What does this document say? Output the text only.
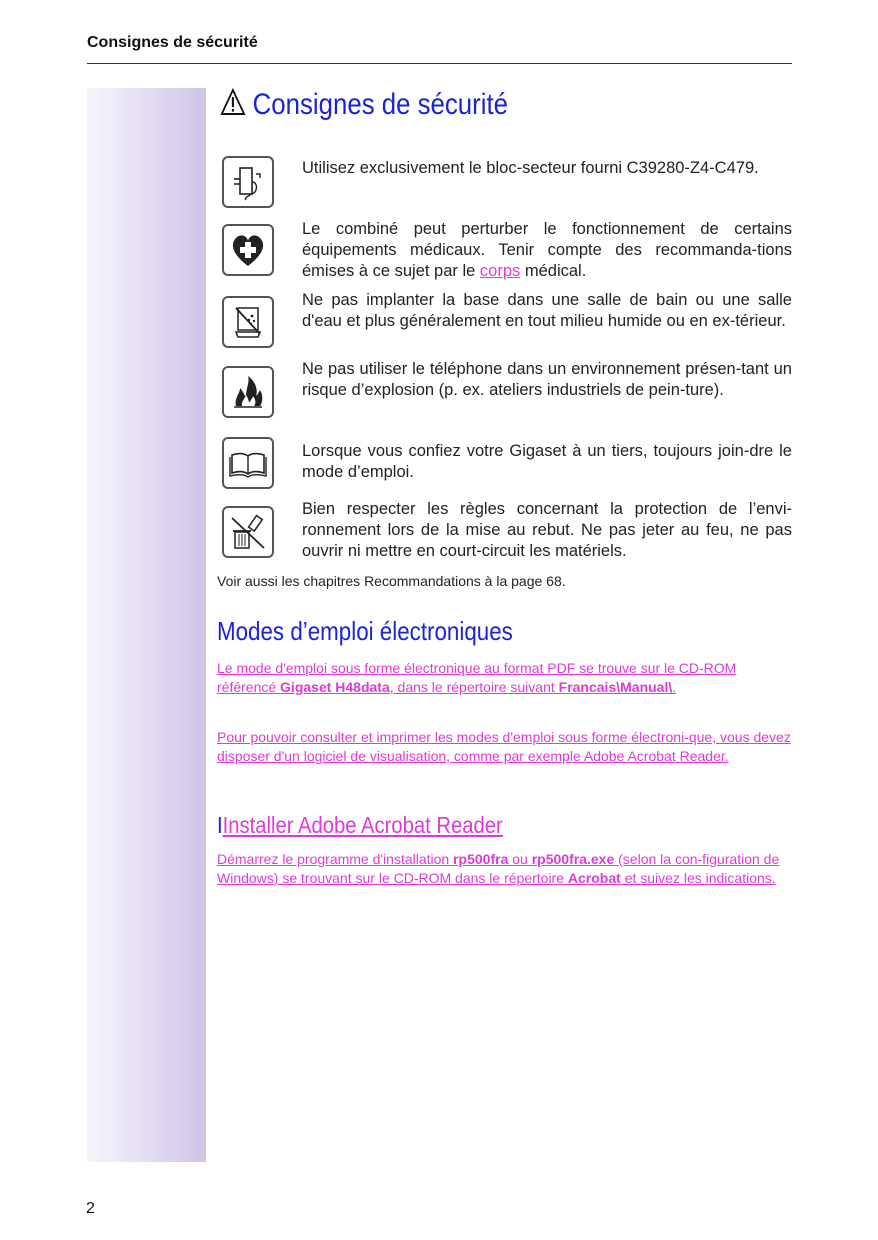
Consignes de sécurité
Consignes de sécurité
Utilisez exclusivement le bloc-secteur fourni C39280-Z4-C479.
Le combiné peut perturber le fonctionnement de certains équipements médicaux. Tenir compte des recommanda-tions émises à ce sujet par le corps médical.
Ne pas implanter la base dans une salle de bain ou une salle d'eau et plus généralement en tout milieu humide ou en ex-térieur.
Ne pas utiliser le téléphone dans un environnement présen-tant un risque d’explosion (p. ex. ateliers industriels de pein-ture).
Lorsque vous confiez votre Gigaset à un tiers, toujours join-dre le mode d’emploi.
Bien respecter les règles concernant la protection de l’envi-ronnement lors de la mise au rebut. Ne pas jeter au feu, ne pas ouvrir ni mettre en court-circuit les matériels.
Voir aussi les chapitres Recommandations à la page 68.
Modes d’emploi électroniques
Le mode d'emploi sous forme électronique au format PDF se trouve sur le CD-ROM référencé Gigaset H48data, dans le répertoire suivant Francais\Manual\.
Pour pouvoir consulter et imprimer les modes d'emploi sous forme électroni-que, vous devez disposer d'un logiciel de visualisation, comme par exemple Adobe Acrobat Reader.
IInstaller Adobe Acrobat Reader
Démarrez le programme d'installation rp500fra ou rp500fra.exe (selon la con-figuration de Windows) se trouvant sur le CD-ROM dans le répertoire Acrobat et suivez les indications.
2
